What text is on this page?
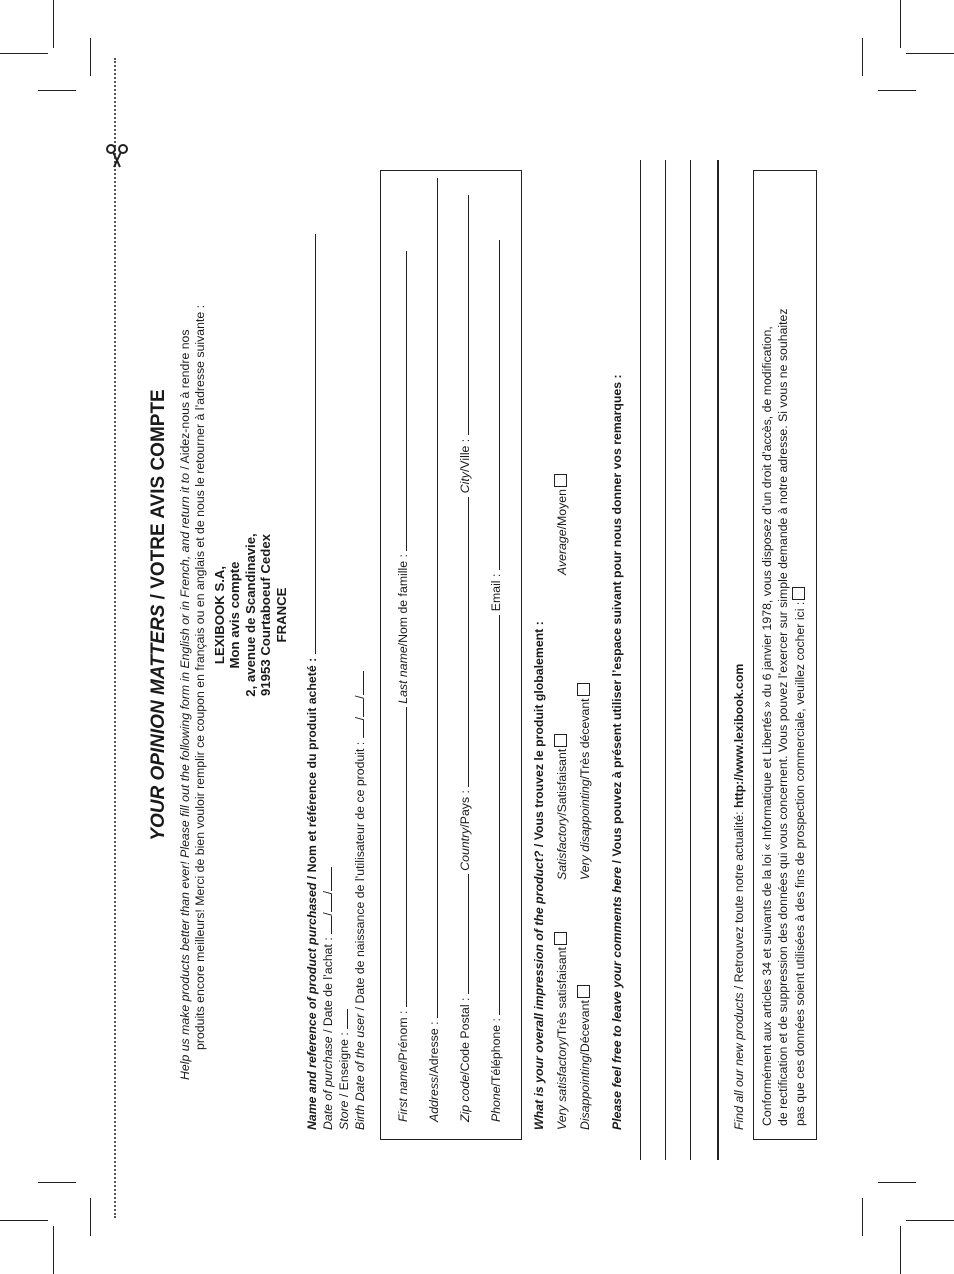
YOUR OPINION MATTERS / VOTRE AVIS COMPTE Help us make products better than ever! Please fill out the following form in English or in French, and return it to / Aidez-nous à rendre nos produits encore meilleurs! Merci de bien vouloir remplir ce coupon en français ou en anglais et de nous le retourner à l’adresse suivante : LEXIBOOK S.A, Mon avis compte 2, avenue de Scandinavie, 91953 Courtaboeuf Cedex FRANCE
Name and reference of product purchased / Nom et référence du produit acheté :
Date of purchase / Date de l’achat : //
Store / Enseigne : Birth Date of the user / Date de naissance de l’utilisateur de ce produit : //
First name/Prénom :  Last name/Nom de famille :
Address/Adresse :
Zip code/Code Postal :  Country/Pays :  City/Ville :
Phone/Téléphone :  Email :
What is your overall impression of the product? / Vous trouvez le produit globalement :
Very satisfactory/Très satisfaisant
Satisfactory/Satisfaisant
Average/Moyen
Disappointing/Décevant
Very disappointing/Très décevant
Please feel free to leave your comments here / Vous pouvez à présent utiliser l’espace suivant pour nous donner vos remarques :
Find all our new products / Retrouvez toute notre actualité: http://www.lexibook.com Conformément aux articles 34 et suivants de la loi « Informatique et Libertés » du 6 janvier 1978, vous disposez d’un droit d’accès, de modification, de rectification et de suppression des données qui vous concernent. Vous pouvez l’exercer sur simple demande à notre adresse. Si vous ne souhaitez pas que ces données soient utilisées à des fins de prospection commerciale, veuillez cocher ici :
